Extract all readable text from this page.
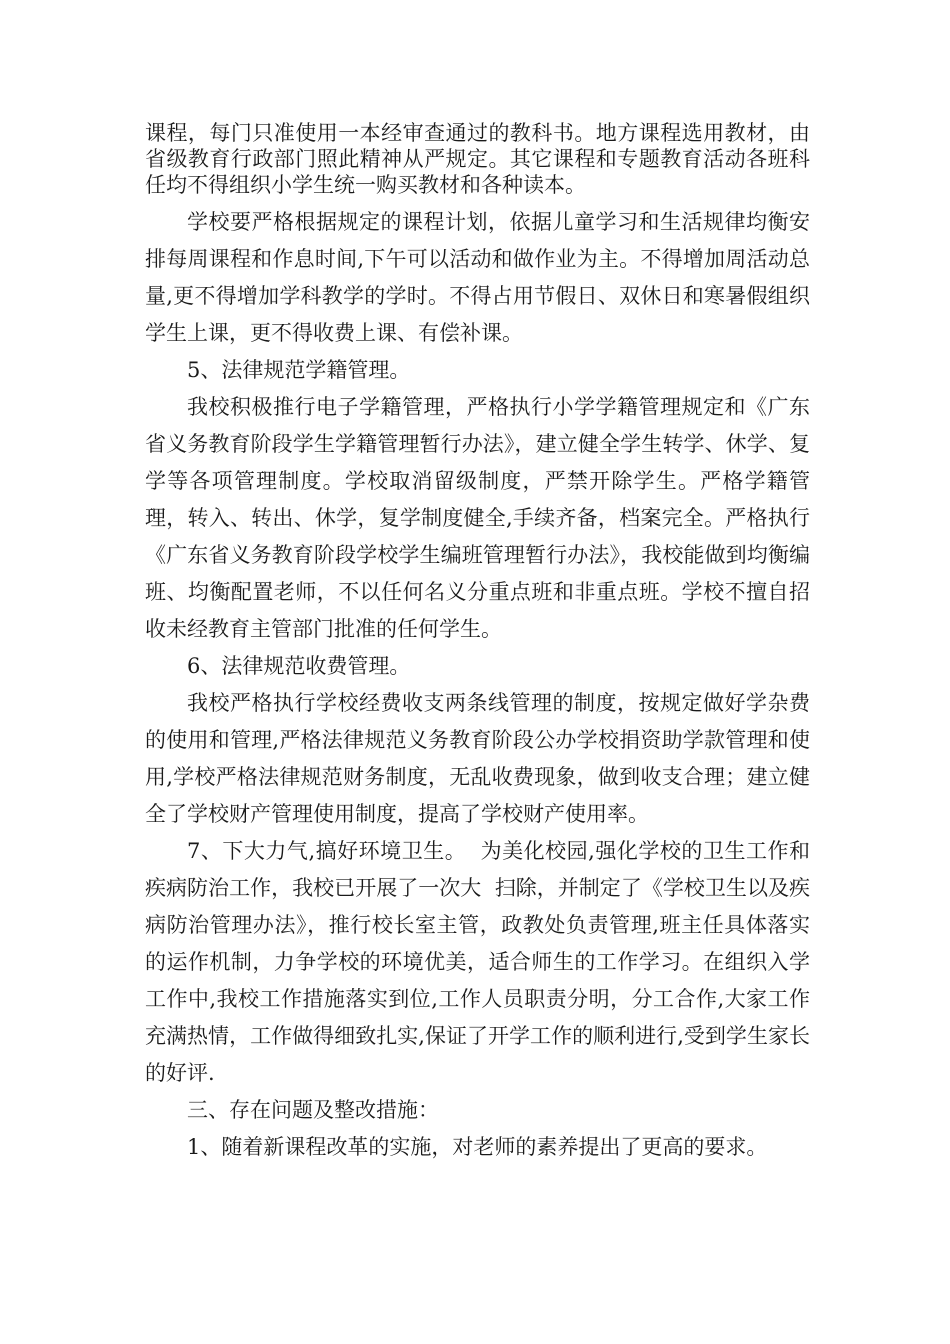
课程，每门只准使用一本经审查通过的教科书。地方课程选用教材，由省级教育行政部门照此精神从严规定。其它课程和专题教育活动各班科任均不得组织小学生统一购买教材和各种读本。

学校要严格根据规定的课程计划，依据儿童学习和生活规律均衡安排每周课程和作息时间,下午可以活动和做作业为主。不得增加周活动总量,更不得增加学科教学的学时。不得占用节假日、双休日和寒暑假组织学生上课，更不得收费上课、有偿补课。

5、法律规范学籍管理。

我校积极推行电子学籍管理，严格执行小学学籍管理规定和《广东省义务教育阶段学生学籍管理暂行办法》，建立健全学生转学、休学、复学等各项管理制度。学校取消留级制度，严禁开除学生。严格学籍管理，转入、转出、休学，复学制度健全,手续齐备，档案完全。严格执行《广东省义务教育阶段学校学生编班管理暂行办法》，我校能做到均衡编班、均衡配置老师，不以任何名义分重点班和非重点班。学校不擅自招收未经教育主管部门批准的任何学生。

6、法律规范收费管理。

我校严格执行学校经费收支两条线管理的制度，按规定做好学杂费的使用和管理,严格法律规范义务教育阶段公办学校捐资助学款管理和使用,学校严格法律规范财务制度，无乱收费现象，做到收支合理；建立健全了学校财产管理使用制度，提高了学校财产使用率。

7、下大力气,搞好环境卫生。  为美化校园,强化学校的卫生工作和疾病防治工作，我校已开展了一次大  扫除，并制定了《学校卫生以及疾病防治管理办法》，推行校长室主管，政教处负责管理,班主任具体落实的运作机制，力争学校的环境优美，适合师生的工作学习。在组织入学工作中,我校工作措施落实到位,工作人员职责分明，分工合作,大家工作充满热情，工作做得细致扎实,保证了开学工作的顺利进行,受到学生家长的好评.

三、存在问题及整改措施：

1、随着新课程改革的实施，对老师的素养提出了更高的要求。
